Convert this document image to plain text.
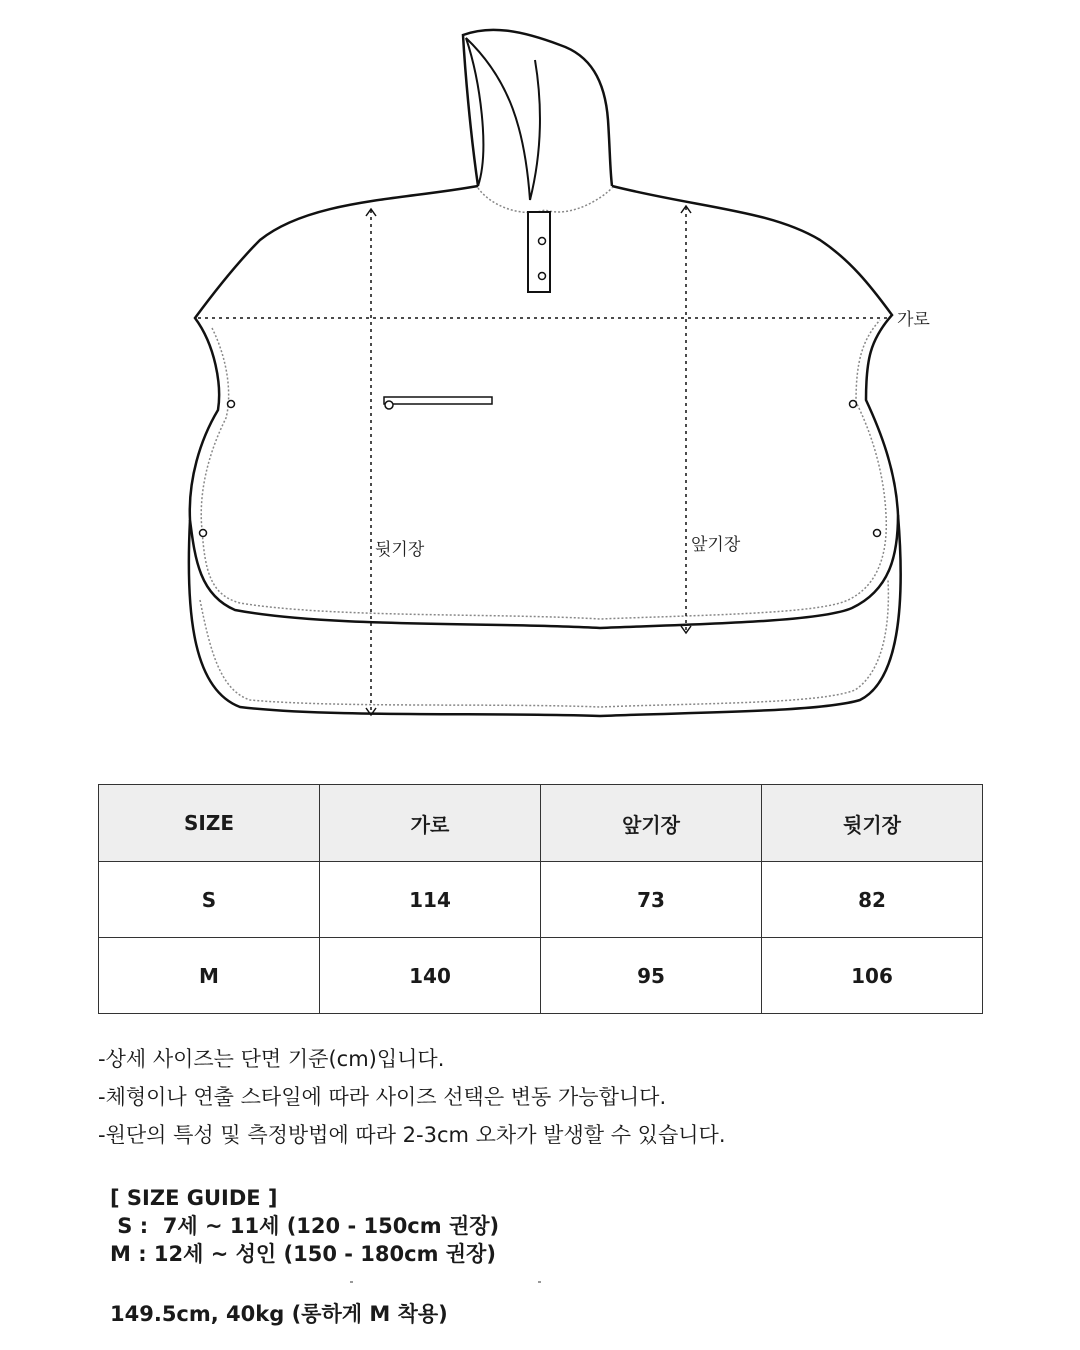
가로
앞기장
뒷기장
SIZE	가로	앞기장	뒷기장
S	114	73	82
M	140	95	106
-상세 사이즈는 단면 기준(cm)입니다.
-체형이나 연출 스타일에 따라 사이즈 선택은 변동 가능합니다.
-원단의 특성 및 측정방법에 따라 2-3cm 오차가 발생할 수 있습니다.
[ SIZE GUIDE ]
S :  7세 ~ 11세 (120 - 150cm 권장)
M : 12세 ~ 성인 (150 - 180cm 권장)
149.5cm, 40kg (롱하게 M 착용)
